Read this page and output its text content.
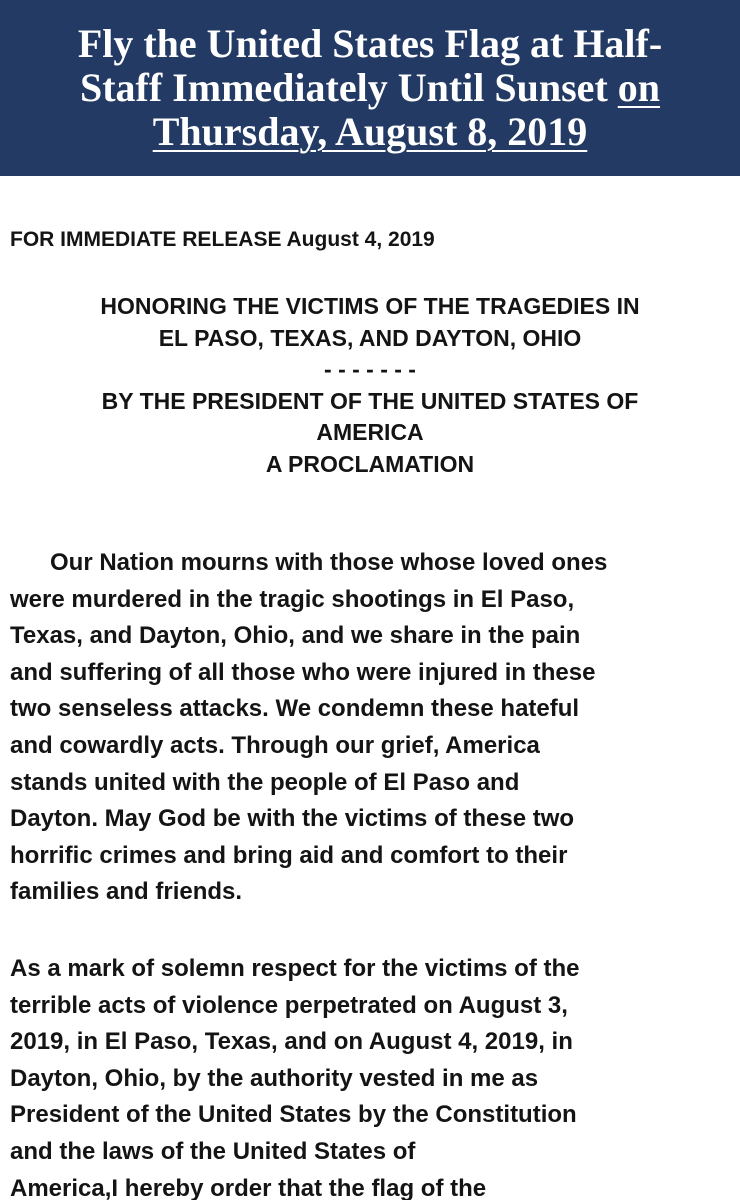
Fly the United States Flag at Half-
Staff Immediately Until Sunset on
Thursday, August 8, 2019
FOR IMMEDIATE RELEASE August 4, 2019
HONORING THE VICTIMS OF THE TRAGEDIES IN
EL PASO, TEXAS, AND DAYTON, OHIO
- - - - - - -
BY THE PRESIDENT OF THE UNITED STATES OF
AMERICA
A PROCLAMATION
Our Nation mourns with those whose loved ones
were murdered in the tragic shootings in El Paso,
Texas, and Dayton, Ohio, and we share in the pain
and suffering of all those who were injured in these
two senseless attacks. We condemn these hateful
and cowardly acts. Through our grief, America
stands united with the people of El Paso and
Dayton. May God be with the victims of these two
horrific crimes and bring aid and comfort to their
families and friends.
As a mark of solemn respect for the victims of the
terrible acts of violence perpetrated on August 3,
2019, in El Paso, Texas, and on August 4, 2019, in
Dayton, Ohio, by the authority vested in me as
President of the United States by the Constitution
and the laws of the United States of
America,I hereby order that the flag of the
